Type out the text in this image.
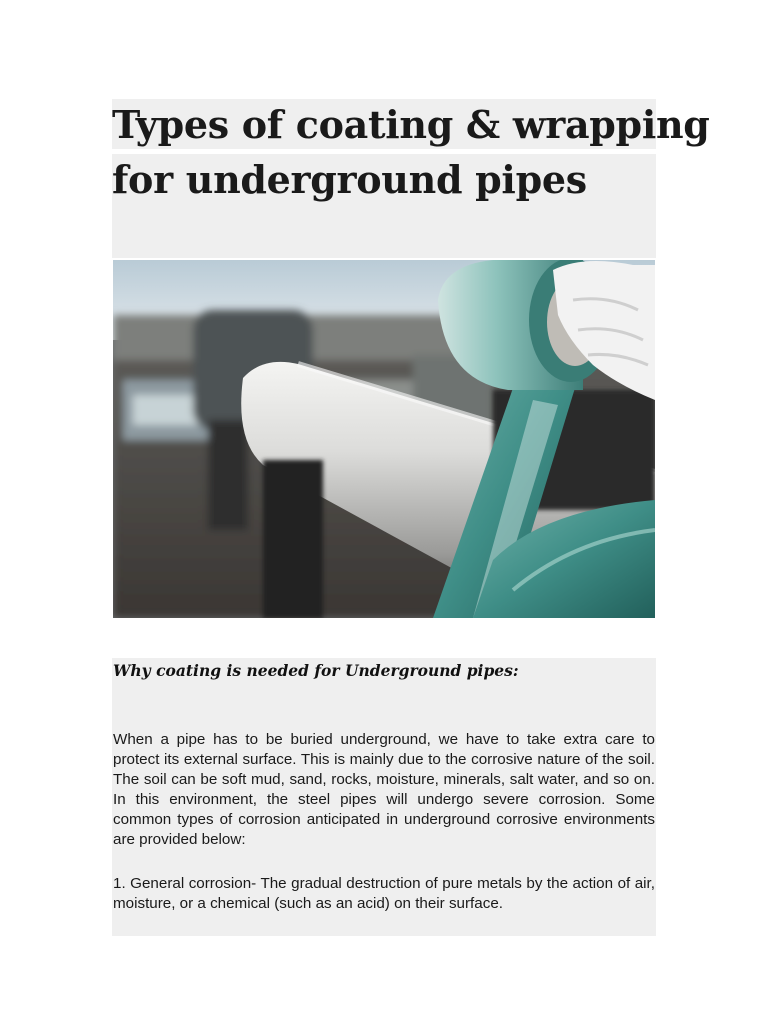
Types of coating & wrapping
for underground pipes
Why coating is needed for Underground pipes:
When a pipe has to be buried underground, we have to take extra care to protect its external surface. This is mainly due to the corrosive nature of the soil. The soil can be soft mud, sand, rocks, moisture, minerals, salt water, and so on. In this environment, the steel pipes will undergo severe corrosion. Some common types of corrosion anticipated in underground corrosive environments are provided below:
1. General corrosion- The gradual destruction of pure metals by the action of air, moisture, or a chemical (such as an acid) on their surface.
